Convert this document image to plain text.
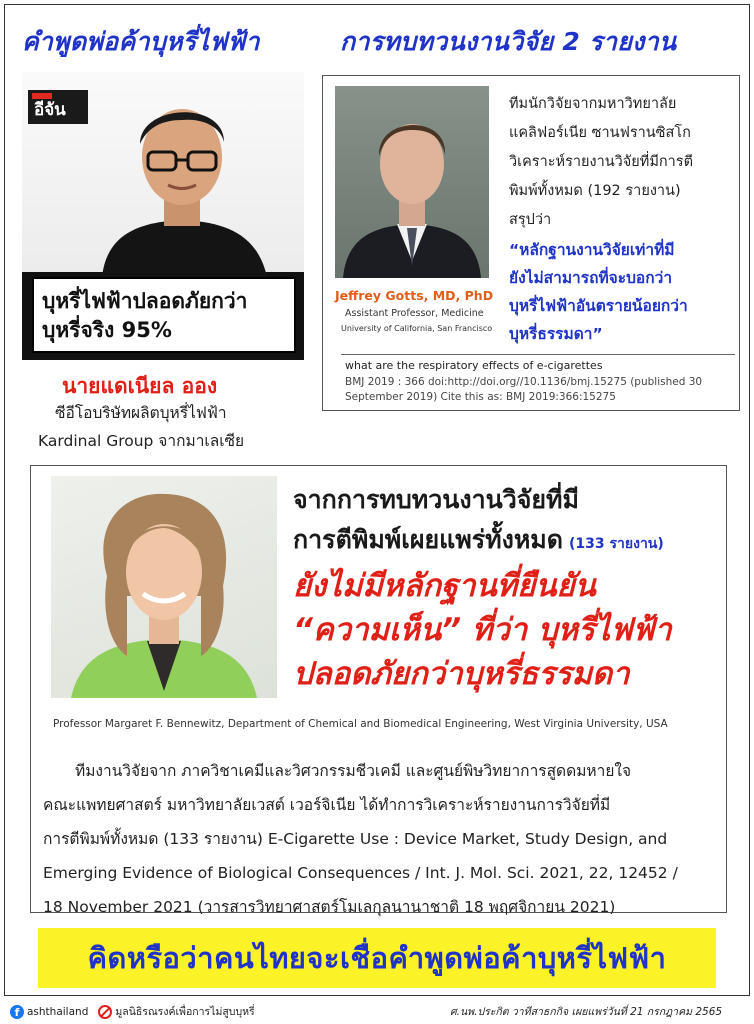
คำพูดพ่อค้าบุหรี่ไฟฟ้า	การทบทวนงานวิจัย 2 รายงาน
อีจัน
บุหรี่ไฟฟ้าปลอดภัยกว่า
บุหรี่จริง 95%
นายแดเนียล ออง
ซีอีโอบริษัทผลิตบุหรี่ไฟฟ้า
Kardinal Group จากมาเลเซีย
Jeffrey Gotts, MD, PhD
Assistant Professor, Medicine
University of California, San Francisco
ทีมนักวิจัยจากมหาวิทยาลัย
แคลิฟอร์เนีย ซานฟรานซิสโก
วิเคราะห์รายงานวิจัยที่มีการตี
พิมพ์ทั้งหมด (192 รายงาน)
สรุปว่า
“หลักฐานงานวิจัยเท่าที่มี
ยังไม่สามารถที่จะบอกว่า
บุหรี่ไฟฟ้าอันตรายน้อยกว่า
บุหรี่ธรรมดา”
what are the respiratory effects of e-cigarettes
BMJ 2019 : 366 doi:http://doi.org//10.1136/bmj.15275 (published 30 September 2019) Cite this as: BMJ 2019:366:15275
จากการทบทวนงานวิจัยที่มี
การตีพิมพ์เผยแพร่ทั้งหมด (133 รายงาน)
ยังไม่มีหลักฐานที่ยืนยัน
“ความเห็น” ที่ว่า บุหรี่ไฟฟ้า
ปลอดภัยกว่าบุหรี่ธรรมดา
Professor Margaret F. Bennewitz, Department of Chemical and Biomedical Engineering, West Virginia University, USA
ทีมงานวิจัยจาก ภาควิชาเคมีและวิศวกรรมชีวเคมี และศูนย์พิษวิทยาการสูดดมหายใจ
คณะแพทยศาสตร์ มหาวิทยาลัยเวสต์ เวอร์จิเนีย ได้ทำการวิเคราะห์รายงานการวิจัยที่มี
การตีพิมพ์ทั้งหมด (133 รายงาน) E-Cigarette Use : Device Market, Study Design, and
Emerging Evidence of Biological Consequences / Int. J. Mol. Sci. 2021, 22, 12452 /
18 November 2021 (วารสารวิทยาศาสตร์โมเลกุลนานาชาติ 18 พฤศจิกายน 2021)
คิดหรือว่าคนไทยจะเชื่อคำพูดพ่อค้าบุหรี่ไฟฟ้า
f ashthailand	มูลนิธิรณรงค์เพื่อการไม่สูบบุหรี่	ศ.นพ.ประกิต วาทีสาธกกิจ เผยแพร่วันที่ 21 กรกฎาคม 2565
